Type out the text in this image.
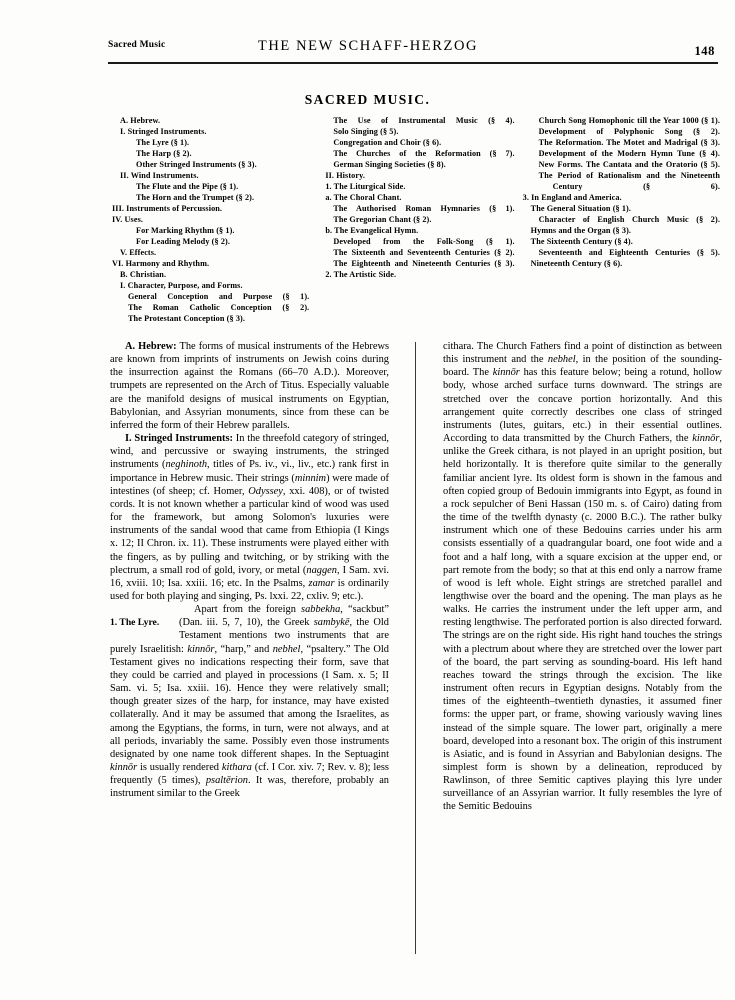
Sacred Music	THE NEW SCHAFF-HERZOG	148
SACRED MUSIC.
A. Hebrew.
I. Stringed Instruments.
The Lyre (§ 1).
The Harp (§ 2).
Other Stringed Instruments (§ 3).
II. Wind Instruments.
The Flute and the Pipe (§ 1).
The Horn and the Trumpet (§ 2).
III. Instruments of Percussion.
IV. Uses.
For Marking Rhythm (§ 1).
For Leading Melody (§ 2).
V. Effects.
VI. Harmony and Rhythm.
B. Christian.
I. Character, Purpose, and Forms.
General Conception and Purpose (§ 1).
The Roman Catholic Conception (§ 2).
The Protestant Conception (§ 3).
The Use of Instrumental Music (§ 4).
Solo Singing (§ 5).
Congregation and Choir (§ 6).
The Churches of the Reformation (§ 7).
German Singing Societies (§ 8).
II. History.
1. The Liturgical Side.
a. The Choral Chant.
The Authorised Roman Hymnaries (§ 1).
The Gregorian Chant (§ 2).
b. The Evangelical Hymn.
Developed from the Folk-Song (§ 1).
The Sixteenth and Seventeenth Centuries (§ 2).
The Eighteenth and Nineteenth Centuries (§ 3).
2. The Artistic Side.
Church Song Homophonic till the Year 1000 (§ 1).
Development of Polyphonic Song (§ 2).
The Reformation. The Motet and Madrigal (§ 3).
Development of the Modern Hymn Tune (§ 4).
New Forms. The Cantata and the Oratorio (§ 5).
The Period of Rationalism and the Nineteenth Century (§ 6).
3. In England and America.
The General Situation (§ 1).
Character of English Church Music (§ 2).
Hymns and the Organ (§ 3).
The Sixteenth Century (§ 4).
Seventeenth and Eighteenth Centuries (§ 5).
Nineteenth Century (§ 6).

A. Hebrew: The forms of musical instruments of the Hebrews are known from imprints of instruments on Jewish coins during the insurrection against the Romans (66–70 A.D.). Moreover, trumpets are represented on the Arch of Titus. Especially valuable are the manifold designs of musical instruments on Egyptian, Babylonian, and Assyrian monuments, since from these can be inferred the form of their Hebrew parallels.

I. Stringed Instruments: In the threefold category of stringed, wind, and percussive or swaying instruments, the stringed instruments (neghinoth, titles of Ps. iv., vi., liv., etc.) rank first in importance in Hebrew music. Their strings (minnim) were made of intestines (of sheep; cf. Homer, Odyssey, xxi. 408), or of twisted cords. It is not known whether a particular kind of wood was used for the framework, but among Solomon's luxuries were instruments of the sandal wood that came from Ethiopia (I Kings x. 12; II Chron. ix. 11). These instruments were played either with the fingers, as by pulling and twitching, or by striking with the plectrum, a small rod of gold, ivory, or metal (naggen, I Sam. xvi. 16, xviii. 10; Isa. xxiii. 16; etc. In the Psalms, zamar is ordinarily used for both playing and singing, Ps. lxxi. 22, cxliv. 9; etc.).

1. The Lyre.
Apart from the foreign sabbekha, “sackbut” (Dan. iii. 5, 7, 10), the Greek sambykē, the Old Testament mentions two instruments that are purely Israelitish: kinnōr, “harp,” and nebhel, “psaltery.” The Old Testament gives no indications respecting their form, save that they could be carried and played in processions (I Sam. x. 5; II Sam. vi. 5; Isa. xxiii. 16). Hence they were relatively small; though greater sizes of the harp, for instance, may have existed collaterally. And it may be assumed that among the Israelites, as among the Egyptians, the forms, in turn, were not always, and at all periods, invariably the same. Possibly even those instruments designated by one name took different shapes. In the Septuagint kinnōr is usually rendered kithara (cf. I Cor. xiv. 7; Rev. v. 8); less frequently (5 times), psaltērion. It was, therefore, probably an instrument similar to the Greek

cithara. The Church Fathers find a point of distinction as between this instrument and the nebhel, in the position of the sounding-board. The kinnōr has this feature below; being a rotund, hollow body, whose arched surface turns downward. The strings are stretched over the concave portion horizontally. And this arrangement quite correctly describes one class of stringed instruments (lutes, guitars, etc.) in their essential outlines. According to data transmitted by the Church Fathers, the kinnōr, unlike the Greek cithara, is not played in an upright position, but held horizontally. It is therefore quite similar to the generally familiar ancient lyre. Its oldest form is shown in the famous and often copied group of Bedouin immigrants into Egypt, as found in a rock sepulcher of Beni Hassan (150 m. s. of Cairo) dating from the time of the twelfth dynasty (c. 2000 B.C.). The rather bulky instrument which one of these Bedouins carries under his arm consists essentially of a quadrangular board, one foot wide and a foot and a half long, with a square excision at the upper end, or part remote from the body; so that at this end only a narrow frame of wood is left whole. Eight strings are stretched parallel and lengthwise over the board and the opening. The man plays as he walks. He carries the instrument under the left upper arm, and resting lengthwise. The perforated portion is also directed forward. The strings are on the right side. His right hand touches the strings with a plectrum about where they are stretched over the lower part of the board, the part serving as sounding-board. His left hand reaches toward the strings through the excision. The like instrument often recurs in Egyptian designs. Notably from the times of the eighteenth–twentieth dynasties, it assumed finer forms: the upper part, or frame, showing variously waving lines instead of the simple square. The lower part, originally a mere board, developed into a resonant box. The origin of this instrument is Asiatic, and is found in Assyrian and Babylonian designs. The simplest form is shown by a delineation, reproduced by Rawlinson, of three Semitic captives playing this lyre under surveillance of an Assyrian warrior. It fully resembles the lyre of the Semitic Bedouins
